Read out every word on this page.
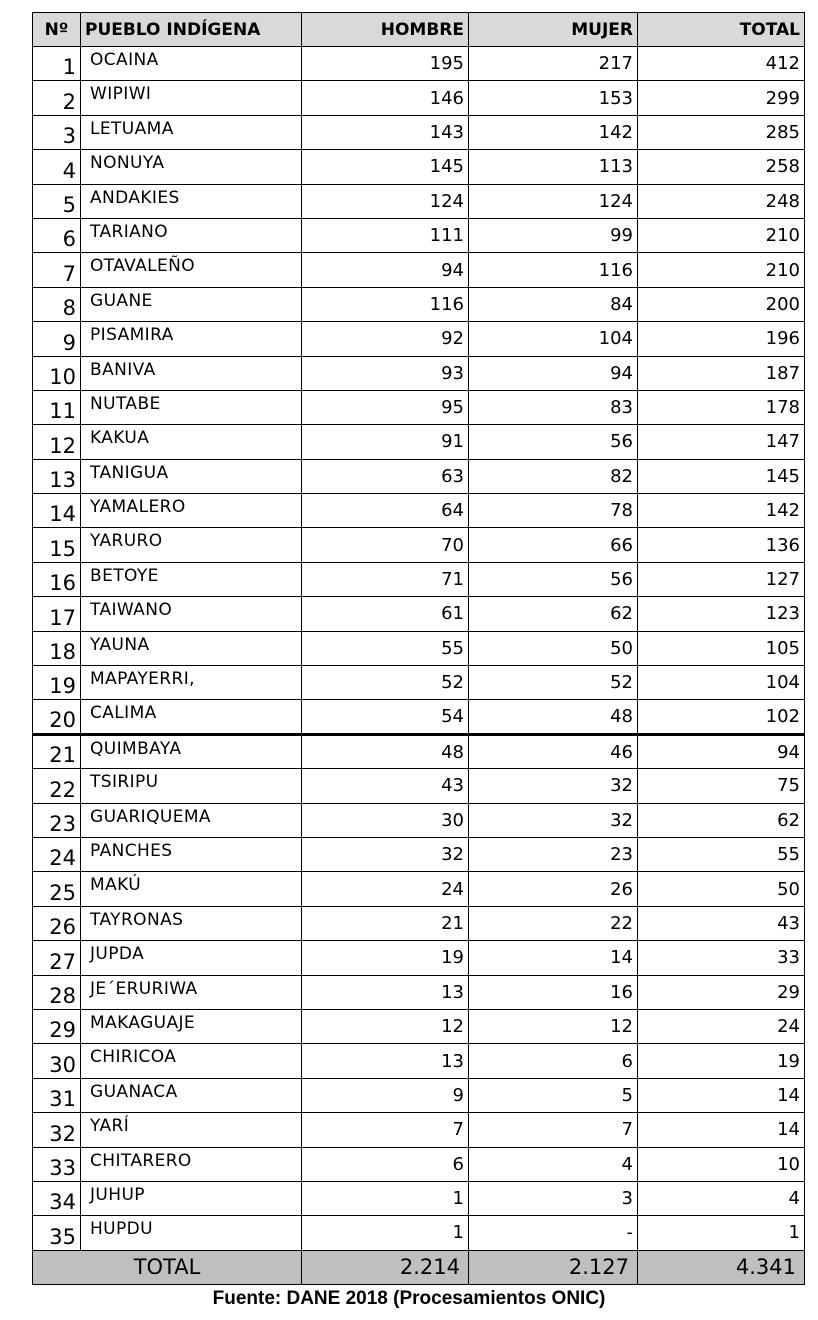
Nº	PUEBLO INDÍGENA	HOMBRE	MUJER	TOTAL
1	OCAINA	195	217	412
2	WIPIWI	146	153	299
3	LETUAMA	143	142	285
4	NONUYA	145	113	258
5	ANDAKIES	124	124	248
6	TARIANO	111	99	210
7	OTAVALEÑO	94	116	210
8	GUANE	116	84	200
9	PISAMIRA	92	104	196
10	BANIVA	93	94	187
11	NUTABE	95	83	178
12	KAKUA	91	56	147
13	TANIGUA	63	82	145
14	YAMALERO	64	78	142
15	YARURO	70	66	136
16	BETOYE	71	56	127
17	TAIWANO	61	62	123
18	YAUNA	55	50	105
19	MAPAYERRI,	52	52	104
20	CALIMA	54	48	102
21	QUIMBAYA	48	46	94
22	TSIRIPU	43	32	75
23	GUARIQUEMA	30	32	62
24	PANCHES	32	23	55
25	MAKÚ	24	26	50
26	TAYRONAS	21	22	43
27	JUPDA	19	14	33
28	JE´ERURIWA	13	16	29
29	MAKAGUAJE	12	12	24
30	CHIRICOA	13	6	19
31	GUANACA	9	5	14
32	YARÍ	7	7	14
33	CHITARERO	6	4	10
34	JUHUP	1	3	4
35	HUPDU	1	-	1
TOTAL		2.214	2.127	4.341
Fuente: DANE 2018 (Procesamientos ONIC)
